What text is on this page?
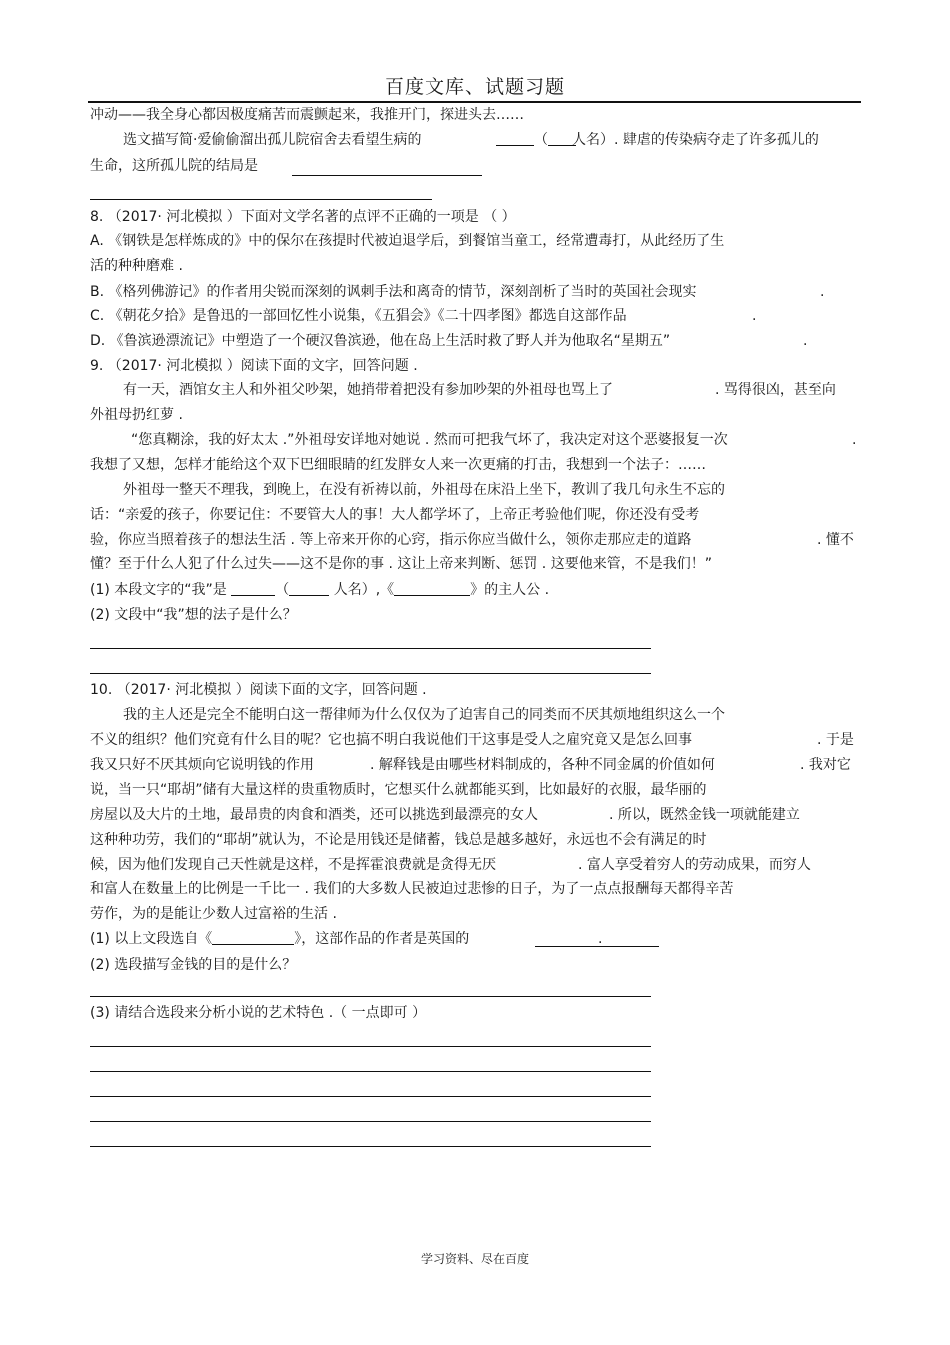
百度文库、试题习题
冲动——我全身心都因极度痛苦而震颤起来，我推开门，探进头去……
选文描写简·爱偷偷溜出孤儿院宿舍去看望生病的	（	人名）. 肆虐的传染病夺走了许多孤儿的
生命，这所孤儿院的结局是
8. （2017· 河北模拟 ）下面对文学名著的点评不正确的一项是 （ ）
A. 《钢铁是怎样炼成的》中的保尔在孩提时代被迫退学后，到餐馆当童工，经常遭毒打，从此经历了生
活的种种磨难 .
B. 《格列佛游记》的作者用尖锐而深刻的讽刺手法和离奇的情节，深刻剖析了当时的英国社会现实	.
C. 《朝花夕拾》是鲁迅的一部回忆性小说集，《五猖会》《二十四孝图》都选自这部作品	.
D. 《鲁滨逊漂流记》中塑造了一个硬汉鲁滨逊，他在岛上生活时救了野人并为他取名“星期五”	.
9. （2017· 河北模拟 ）阅读下面的文字，回答问题 .
有一天，酒馆女主人和外祖父吵架，她捎带着把没有参加吵架的外祖母也骂上了	. 骂得很凶，甚至向
外祖母扔红萝 .
“您真糊涂，我的好太太 .”外祖母安详地对她说 . 然而可把我气坏了，我决定对这个恶婆报复一次	.
我想了又想，怎样才能给这个双下巴细眼睛的红发胖女人来一次更痛的打击，我想到一个法子：……
外祖母一整天不理我，到晚上，在没有祈祷以前，外祖母在床沿上坐下，教训了我几句永生不忘的
话：“亲爱的孩子，你要记住：不要管大人的事！大人都学坏了，上帝正考验他们呢，你还没有受考
验，你应当照着孩子的想法生活 . 等上帝来开你的心窍，指示你应当做什么，领你走那应走的道路	. 懂不
懂？至于什么人犯了什么过失——这不是你的事 . 这让上帝来判断、惩罚 . 这要他来管，不是我们！”
(1) 本段文字的“我”是	（	人名）,《	》的主人公 .
(2) 文段中“我”想的法子是什么？
10. （2017· 河北模拟 ）阅读下面的文字，回答问题 .
我的主人还是完全不能明白这一帮律师为什么仅仅为了迫害自己的同类而不厌其烦地组织这么一个
不义的组织？他们究竟有什么目的呢？它也搞不明白我说他们干这事是受人之雇究竟又是怎么回事	. 于是
我又只好不厌其烦向它说明钱的作用	. 解释钱是由哪些材料制成的，各种不同金属的价值如何	. 我对它
说，当一只“耶胡”储有大量这样的贵重物质时，它想买什么就都能买到，比如最好的衣服，最华丽的
房屋以及大片的土地，最昂贵的肉食和酒类，还可以挑选到最漂亮的女人	. 所以，既然金钱一项就能建立
这种种功劳，我们的“耶胡”就认为，不论是用钱还是储蓄，钱总是越多越好，永远也不会有满足的时
候，因为他们发现自己天性就是这样，不是挥霍浪费就是贪得无厌	. 富人享受着穷人的劳动成果，而穷人
和富人在数量上的比例是一千比一 . 我们的大多数人民被迫过悲惨的日子，为了一点点报酬每天都得辛苦
劳作，为的是能让少数人过富裕的生活 .
(1) 以上文段选自《	》，这部作品的作者是英国的	.
(2) 选段描写金钱的目的是什么？
(3) 请结合选段来分析小说的艺术特色 .（ 一点即可 ）
学习资料、尽在百度
